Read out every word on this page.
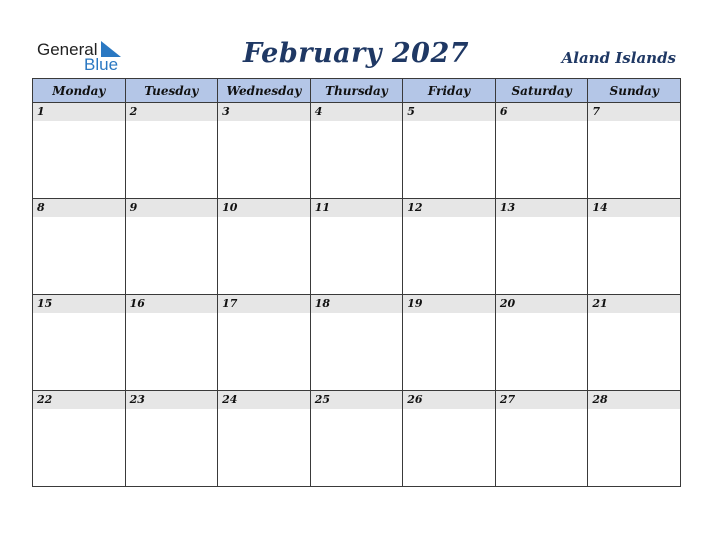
General
Blue	February 2027	Aland Islands
Monday	Tuesday	Wednesday	Thursday	Friday	Saturday	Sunday

1	2	3	4	5	6	7

8	9	10	11	12	13	14

15	16	17	18	19	20	21

22	23	24	25	26	27	28
